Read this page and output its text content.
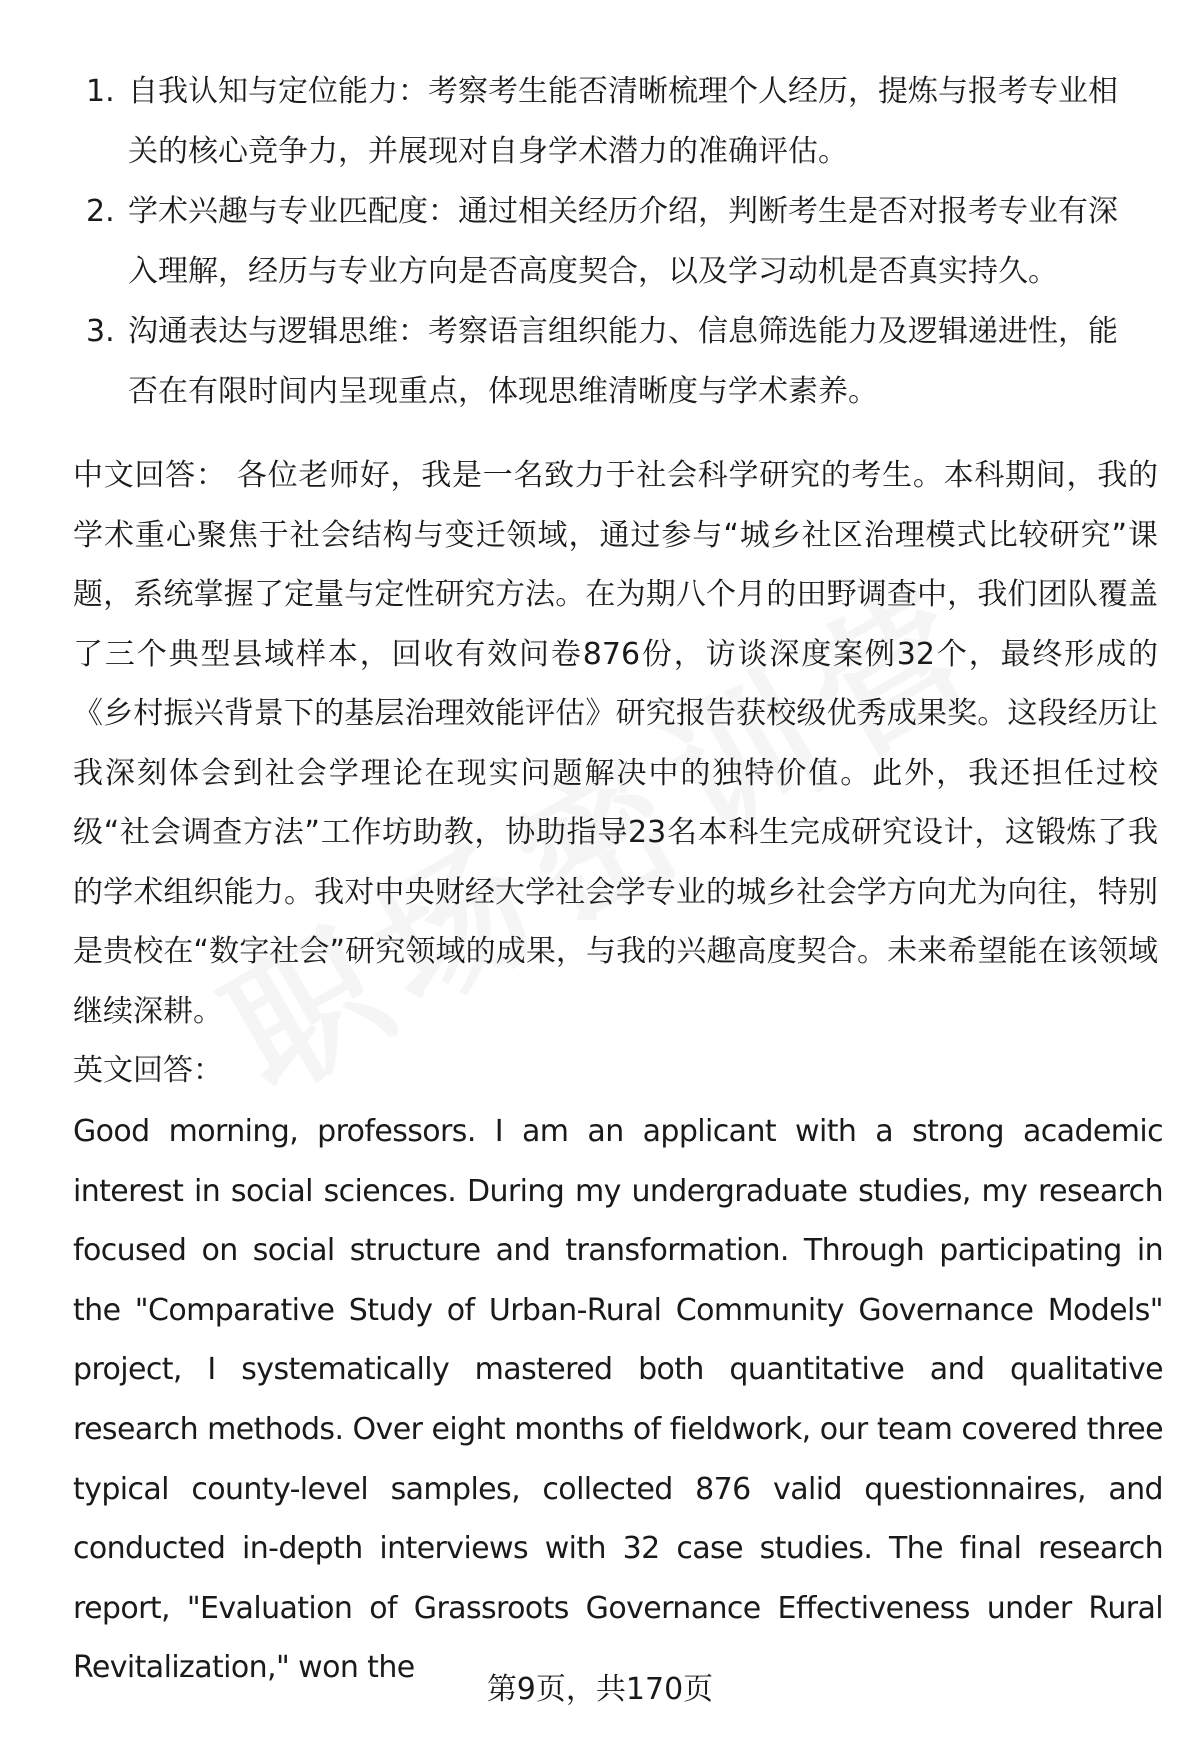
1. 自我认知与定位能力：考察考生能否清晰梳理个人经历，提炼与报考专业相关的核心竞争力，并展现对自身学术潜力的准确评估。
2. 学术兴趣与专业匹配度：通过相关经历介绍，判断考生是否对报考专业有深入理解，经历与专业方向是否高度契合，以及学习动机是否真实持久。
3. 沟通表达与逻辑思维：考察语言组织能力、信息筛选能力及逻辑递进性，能否在有限时间内呈现重点，体现思维清晰度与学术素养。

中文回答： 各位老师好，我是一名致力于社会科学研究的考生。本科期间，我的学术重心聚焦于社会结构与变迁领域，通过参与“城乡社区治理模式比较研究”课题，系统掌握了定量与定性研究方法。在为期八个月的田野调查中，我们团队覆盖了三个典型县域样本，回收有效问卷876份，访谈深度案例32个，最终形成的《乡村振兴背景下的基层治理效能评估》研究报告获校级优秀成果奖。这段经历让我深刻体会到社会学理论在现实问题解决中的独特价值。此外，我还担任过校级“社会调查方法”工作坊助教，协助指导23名本科生完成研究设计，这锻炼了我的学术组织能力。我对中央财经大学社会学专业的城乡社会学方向尤为向往，特别是贵校在“数字社会”研究领域的成果，与我的兴趣高度契合。未来希望能在该领域继续深耕。

英文回答：

Good morning, professors. I am an applicant with a strong academic interest in social sciences. During my undergraduate studies, my research focused on social structure and transformation. Through participating in the "Comparative Study of Urban-Rural Community Governance Models" project, I systematically mastered both quantitative and qualitative research methods. Over eight months of fieldwork, our team covered three typical county-level samples, collected 876 valid questionnaires, and conducted in-depth interviews with 32 case studies. The final research report, "Evaluation of Grassroots Governance Effectiveness under Rural Revitalization," won the

第9页，共170页
